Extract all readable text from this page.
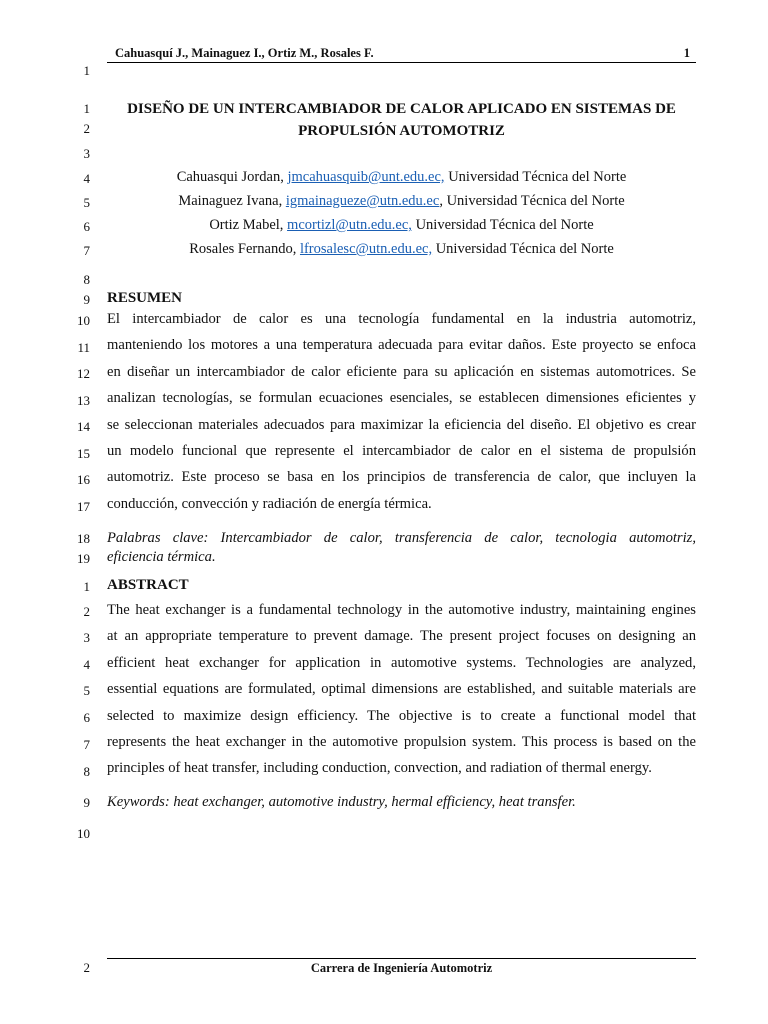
Cahuasquí J., Mainaguez I., Ortiz M., Rosales F.	1
1
1
2
3
4
5
6
7
8
9
10
11
12
13
14
15
16
17
18
19
1
2
3
4
5
6
7
8
9
10
2
DISEÑO DE UN INTERCAMBIADOR DE CALOR APLICADO EN SISTEMAS DE
PROPULSIÓN AUTOMOTRIZ
Cahuasqui Jordan, jmcahuasquib@unt.edu.ec, Universidad Técnica del Norte
Mainaguez Ivana, igmainagueze@utn.edu.ec, Universidad Técnica del Norte
Ortiz Mabel, mcortizl@utn.edu.ec, Universidad Técnica del Norte
Rosales Fernando, lfrosalesc@utn.edu.ec, Universidad Técnica del Norte
RESUMEN
El intercambiador de calor es una tecnología fundamental en la industria automotriz,
manteniendo los motores a una temperatura adecuada para evitar daños. Este proyecto se enfoca
en diseñar un intercambiador de calor eficiente para su aplicación en sistemas automotrices. Se
analizan tecnologías, se formulan ecuaciones esenciales, se establecen dimensiones eficientes y
se seleccionan materiales adecuados para maximizar la eficiencia del diseño. El objetivo es crear
un modelo funcional que represente el intercambiador de calor en el sistema de propulsión
automotriz. Este proceso se basa en los principios de transferencia de calor, que incluyen la
conducción, convección y radiación de energía térmica.
Palabras clave: Intercambiador de calor, transferencia de calor, tecnologia automotriz,
eficiencia térmica.
ABSTRACT
The heat exchanger is a fundamental technology in the automotive industry, maintaining engines
at an appropriate temperature to prevent damage. The present project focuses on designing an
efficient heat exchanger for application in automotive systems. Technologies are analyzed,
essential equations are formulated, optimal dimensions are established, and suitable materials are
selected to maximize design efficiency. The objective is to create a functional model that
represents the heat exchanger in the automotive propulsion system. This process is based on the
principles of heat transfer, including conduction, convection, and radiation of thermal energy.
Keywords: heat exchanger, automotive industry, hermal efficiency, heat transfer.
Carrera de Ingeniería Automotriz
